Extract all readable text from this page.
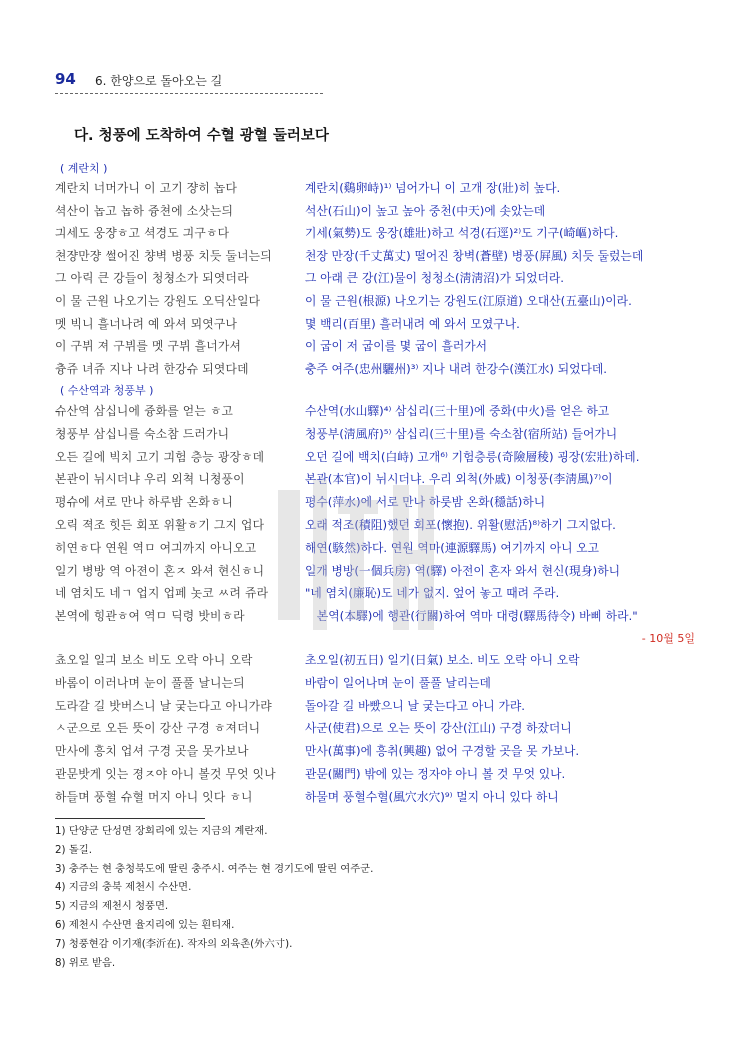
94 6. 한양으로 돌아오는 길
다. 청풍에 도착하여 수혈 광혈 둘러보다
( 계란치 )
계란치 너머가니 이 고기 쟝히 놉다	계란치(鷄卵峙)¹⁾ 넘어가니 이 고개 장(壯)히 높다.
셕산이 놉고 놉하 즁쳔에 소삿는듸	석산(石山)이 높고 높아 중천(中天)에 솟았는데
긔세도 웅쟝ㅎ고 셕경도 긔구ㅎ다	기세(氣勢)도 웅장(雄壯)하고 석경(石逕)²⁾도 기구(崎嶇)하다.
쳔쟝만쟝 썰어진 챵벽 병풍 치듯 둘너는듸	천장 만장(千丈萬丈) 떨어진 창벽(蒼壁) 병풍(屛風) 치듯 둘렀는데
그 아릭 큰 강들이 청쳥소가 되엿더라	그 아래 큰 강(江)물이 청청소(淸淸沼)가 되었더라.
이 물 근원 나오기는 강원도 오딕산일다	이 물 근원(根源) 나오기는 강원도(江原道) 오대산(五臺山)이라.
멧 빅니 흘너나려 예 와셔 뫼엿구나	몇 백리(百里) 흘러내려 예 와서 모였구나.
이 구뷔 져 구뷔를 멧 구뷔 흘너가셔	이 굽이 저 굽이를 몇 굽이 흘러가서
츙쥬 녀쥬 지나 나려 한강슈 되엿다데	충주 여주(忠州驪州)³⁾ 지나 내려 한강수(漢江水) 되었다데.
( 수산역과 청풍부 )
슈산역 삼십니에 즁화를 얻는 ㅎ고	수산역(水山驛)⁴⁾ 삼십리(三十里)에 중화(中火)를 얻은 하고
쳥풍부 삼십니를 숙소참 드러가니	청풍부(淸風府)⁵⁾ 삼십리(三十里)를 숙소참(宿所站) 들어가니
오든 길에 빅치 고기 긔험 층능 광장ㅎ데	오던 길에 백치(白峙) 고개⁶⁾ 기험층릉(奇險層稜) 굉장(宏壯)하데.
본관이 뉘시더냐 우리 외쳑 니쳥풍이	본관(本官)이 뉘시더냐. 우리 외척(外戚) 이청풍(李淸風)⁷⁾이
평슈에 셔로 만나 하루밤 온화ㅎ니	평수(萍水)에 서로 만나 하룻밤 온화(穩話)하니
오릭 젹조 힛든 회포 위활ㅎ기 그지 업다	오래 적조(積阻)했던 회포(懷抱). 위활(慰活)⁸⁾하기 그지없다.
히연ㅎ다 연원 역ㅁ 여긔까지 아니오고	해연(駭然)하다. 연원 역마(連源驛馬) 여기까지 아니 오고
일기 병방 역 아젼이 혼ㅈ 와셔 현신ㅎ니	일개 병방(一個兵房) 역(驛) 아전이 혼자 와서 현신(現身)하니
네 염치도 네ㄱ 업지 업페 놋코 ㅆ려 쥬라	"네 염치(廉恥)도 네가 없지. 엎어 놓고 때려 주라.
본역에 힝관ㅎ여 역ㅁ 딕령 밧비ㅎ라	　본역(本驛)에 행관(行關)하여 역마 대령(驛馬待令) 바삐 하라."
- 10월 5일
쵸오일 일긔 보소 비도 오락 아니 오락	초오일(初五日) 일기(日氣) 보소. 비도 오락 아니 오락
바롬이 이러나며 눈이 풀풀 날니는듸	바람이 일어나며 눈이 풀풀 날리는데
도라갈 길 밧버스니 날 궂는다고 아니가랴	돌아갈 길 바빴으니 날 궂는다고 아니 가랴.
ㅅ군으로 오든 뜻이 강산 구경 ㅎ져더니	사군(使君)으로 오는 뜻이 강산(江山) 구경 하잤더니
만사에 흥치 업셔 구경 곳을 못가보나	만사(萬事)에 흥취(興趣) 없어 구경할 곳을 못 가보나.
관문밧게 잇는 졍ㅈ야 아니 볼것 무엇 잇나	관문(關門) 밖에 있는 정자야 아니 볼 것 무엇 있나.
하들며 풍혈 슈혈 머지 아니 잇다 ㅎ니	하물며 풍혈수혈(風穴水穴)⁹⁾ 멀지 아니 있다 하니
1) 단양군 단성면 장회리에 있는 지금의 계란재.
2) 돌길.
3) 충주는 현 충청북도에 딸린 충주시. 여주는 현 경기도에 딸린 여주군.
4) 지금의 충북 제천시 수산면.
5) 지금의 제천시 청풍면.
6) 제천시 수산면 율지리에 있는 흰티재.
7) 청풍현감 이기재(李沂在). 작자의 외육촌(外六寸).
8) 위로 받음.
